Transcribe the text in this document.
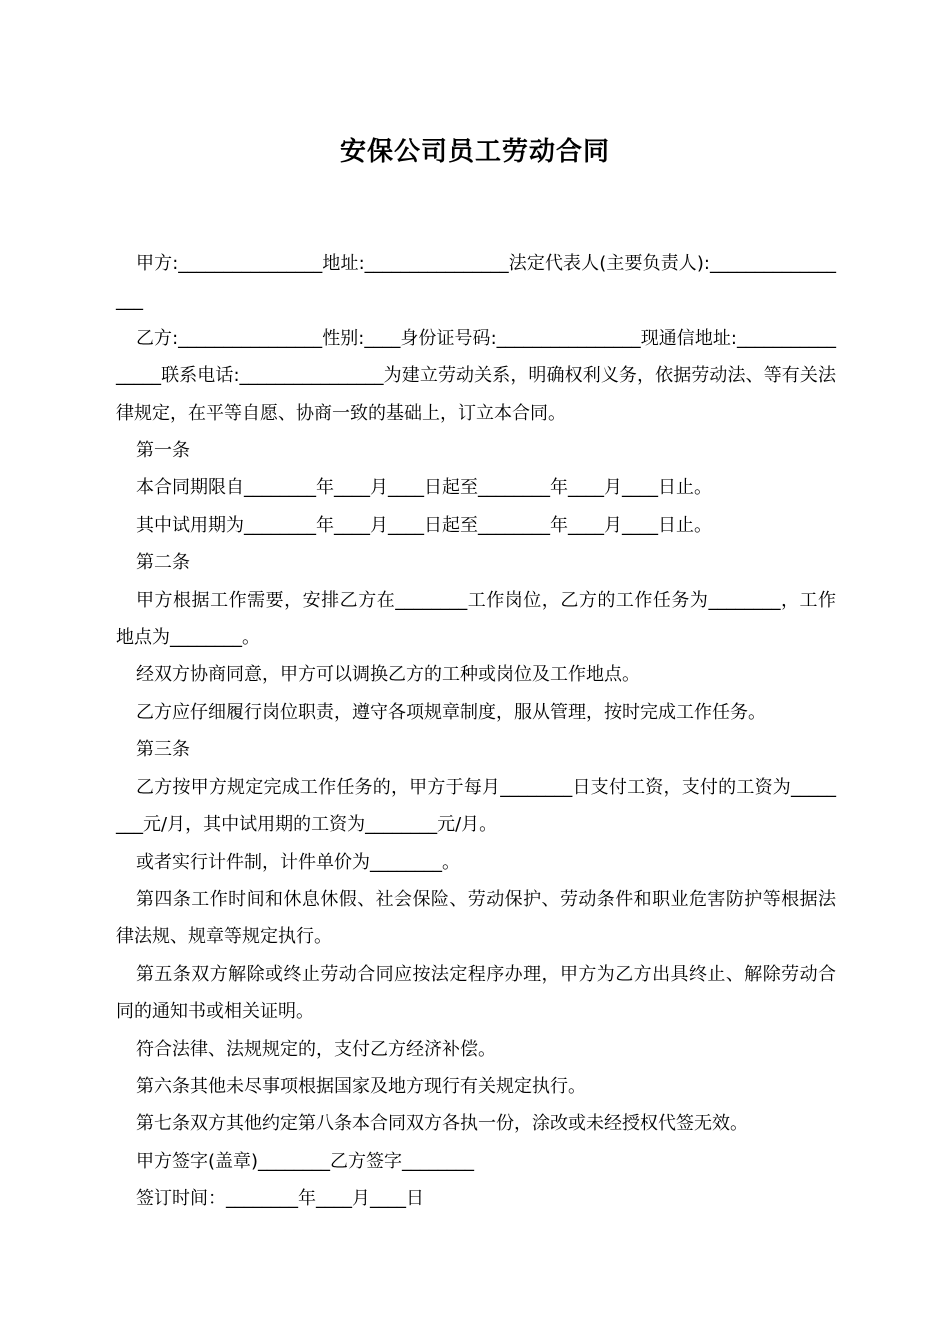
安保公司员工劳动合同

甲方:________________地址:________________法定代表人(主要负责人):_________________

乙方:________________性别:____身份证号码:________________现通信地址:________________联系电话:________________为建立劳动关系，明确权利义务，依据劳动法、等有关法律规定，在平等自愿、协商一致的基础上，订立本合同。

第一条

本合同期限自________年____月____日起至________年____月____日止。

其中试用期为________年____月____日起至________年____月____日止。

第二条

甲方根据工作需要，安排乙方在________工作岗位，乙方的工作任务为________，工作地点为________。

经双方协商同意，甲方可以调换乙方的工种或岗位及工作地点。

乙方应仔细履行岗位职责，遵守各项规章制度，服从管理，按时完成工作任务。

第三条

乙方按甲方规定完成工作任务的，甲方于每月________日支付工资，支付的工资为________元/月，其中试用期的工资为________元/月。

或者实行计件制，计件单价为________。

第四条工作时间和休息休假、社会保险、劳动保护、劳动条件和职业危害防护等根据法律法规、规章等规定执行。

第五条双方解除或终止劳动合同应按法定程序办理，甲方为乙方出具终止、解除劳动合同的通知书或相关证明。

符合法律、法规规定的，支付乙方经济补偿。

第六条其他未尽事项根据国家及地方现行有关规定执行。

第七条双方其他约定第八条本合同双方各执一份，涂改或未经授权代签无效。

甲方签字(盖章)________乙方签字________

签订时间：________年____月____日
